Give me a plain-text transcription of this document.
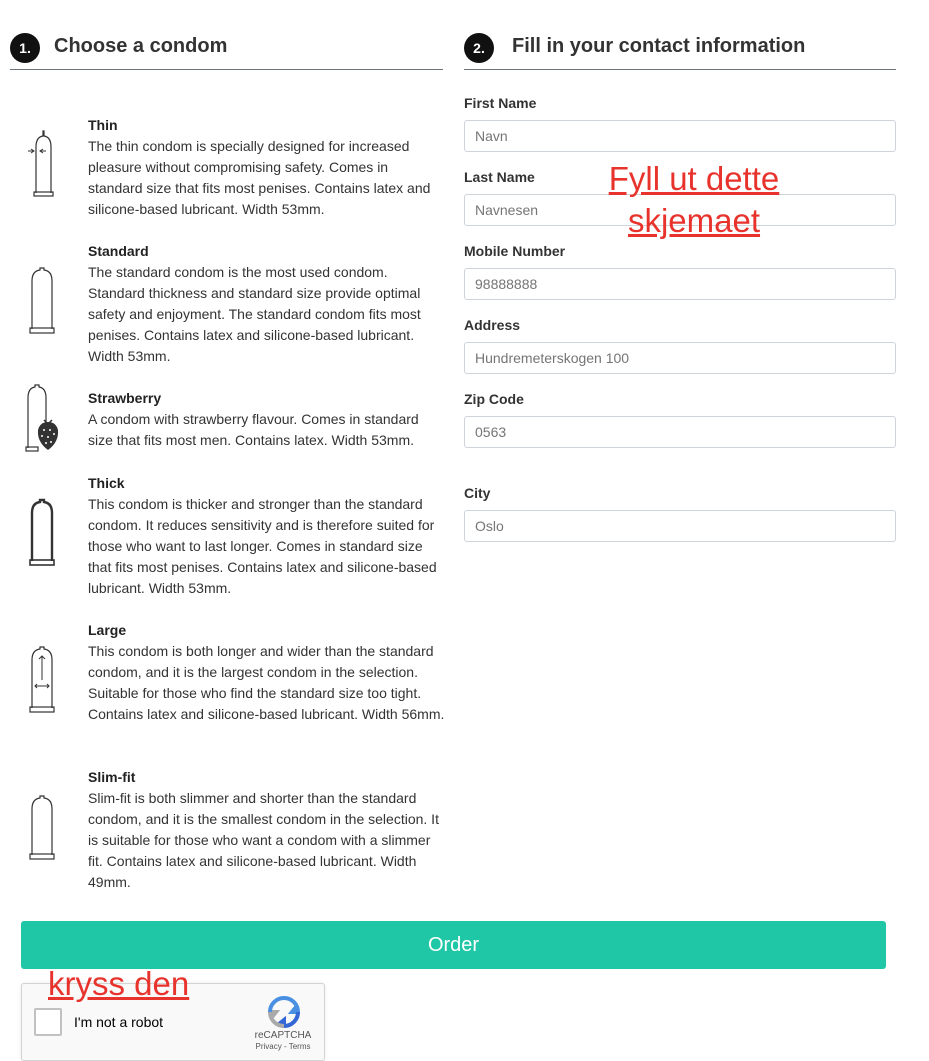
1.	Choose a condom	2.	Fill in your contact information
Thin
The thin condom is specially designed for increased pleasure without compromising safety. Comes in standard size that fits most penises. Contains latex and silicone-based lubricant. Width 53mm.
Standard
The standard condom is the most used condom. Standard thickness and standard size provide optimal safety and enjoyment. The standard condom fits most penises. Contains latex and silicone-based lubricant. Width 53mm.
Strawberry
A condom with strawberry flavour. Comes in standard size that fits most men. Contains latex. Width 53mm.
Thick
This condom is thicker and stronger than the standard condom. It reduces sensitivity and is therefore suited for those who want to last longer. Comes in standard size that fits most penises. Contains latex and silicone-based lubricant. Width 53mm.
Large
This condom is both longer and wider than the standard condom, and it is the largest condom in the selection. Suitable for those who find the standard size too tight. Contains latex and silicone-based lubricant. Width 56mm.
Slim-fit
Slim-fit is both slimmer and shorter than the standard condom, and it is the smallest condom in the selection. It is suitable for those who want a condom with a slimmer fit. Contains latex and silicone-based lubricant. Width 49mm.
First Name
Navn
Last Name
Navnesen
Mobile Number
98888888
Address
Hundremeterskogen 100
Zip Code
0563
City
Oslo
Fyll ut dette
skjemaet
Order
I'm not a robot
reCAPTCHA
Privacy - Terms
kryss den
